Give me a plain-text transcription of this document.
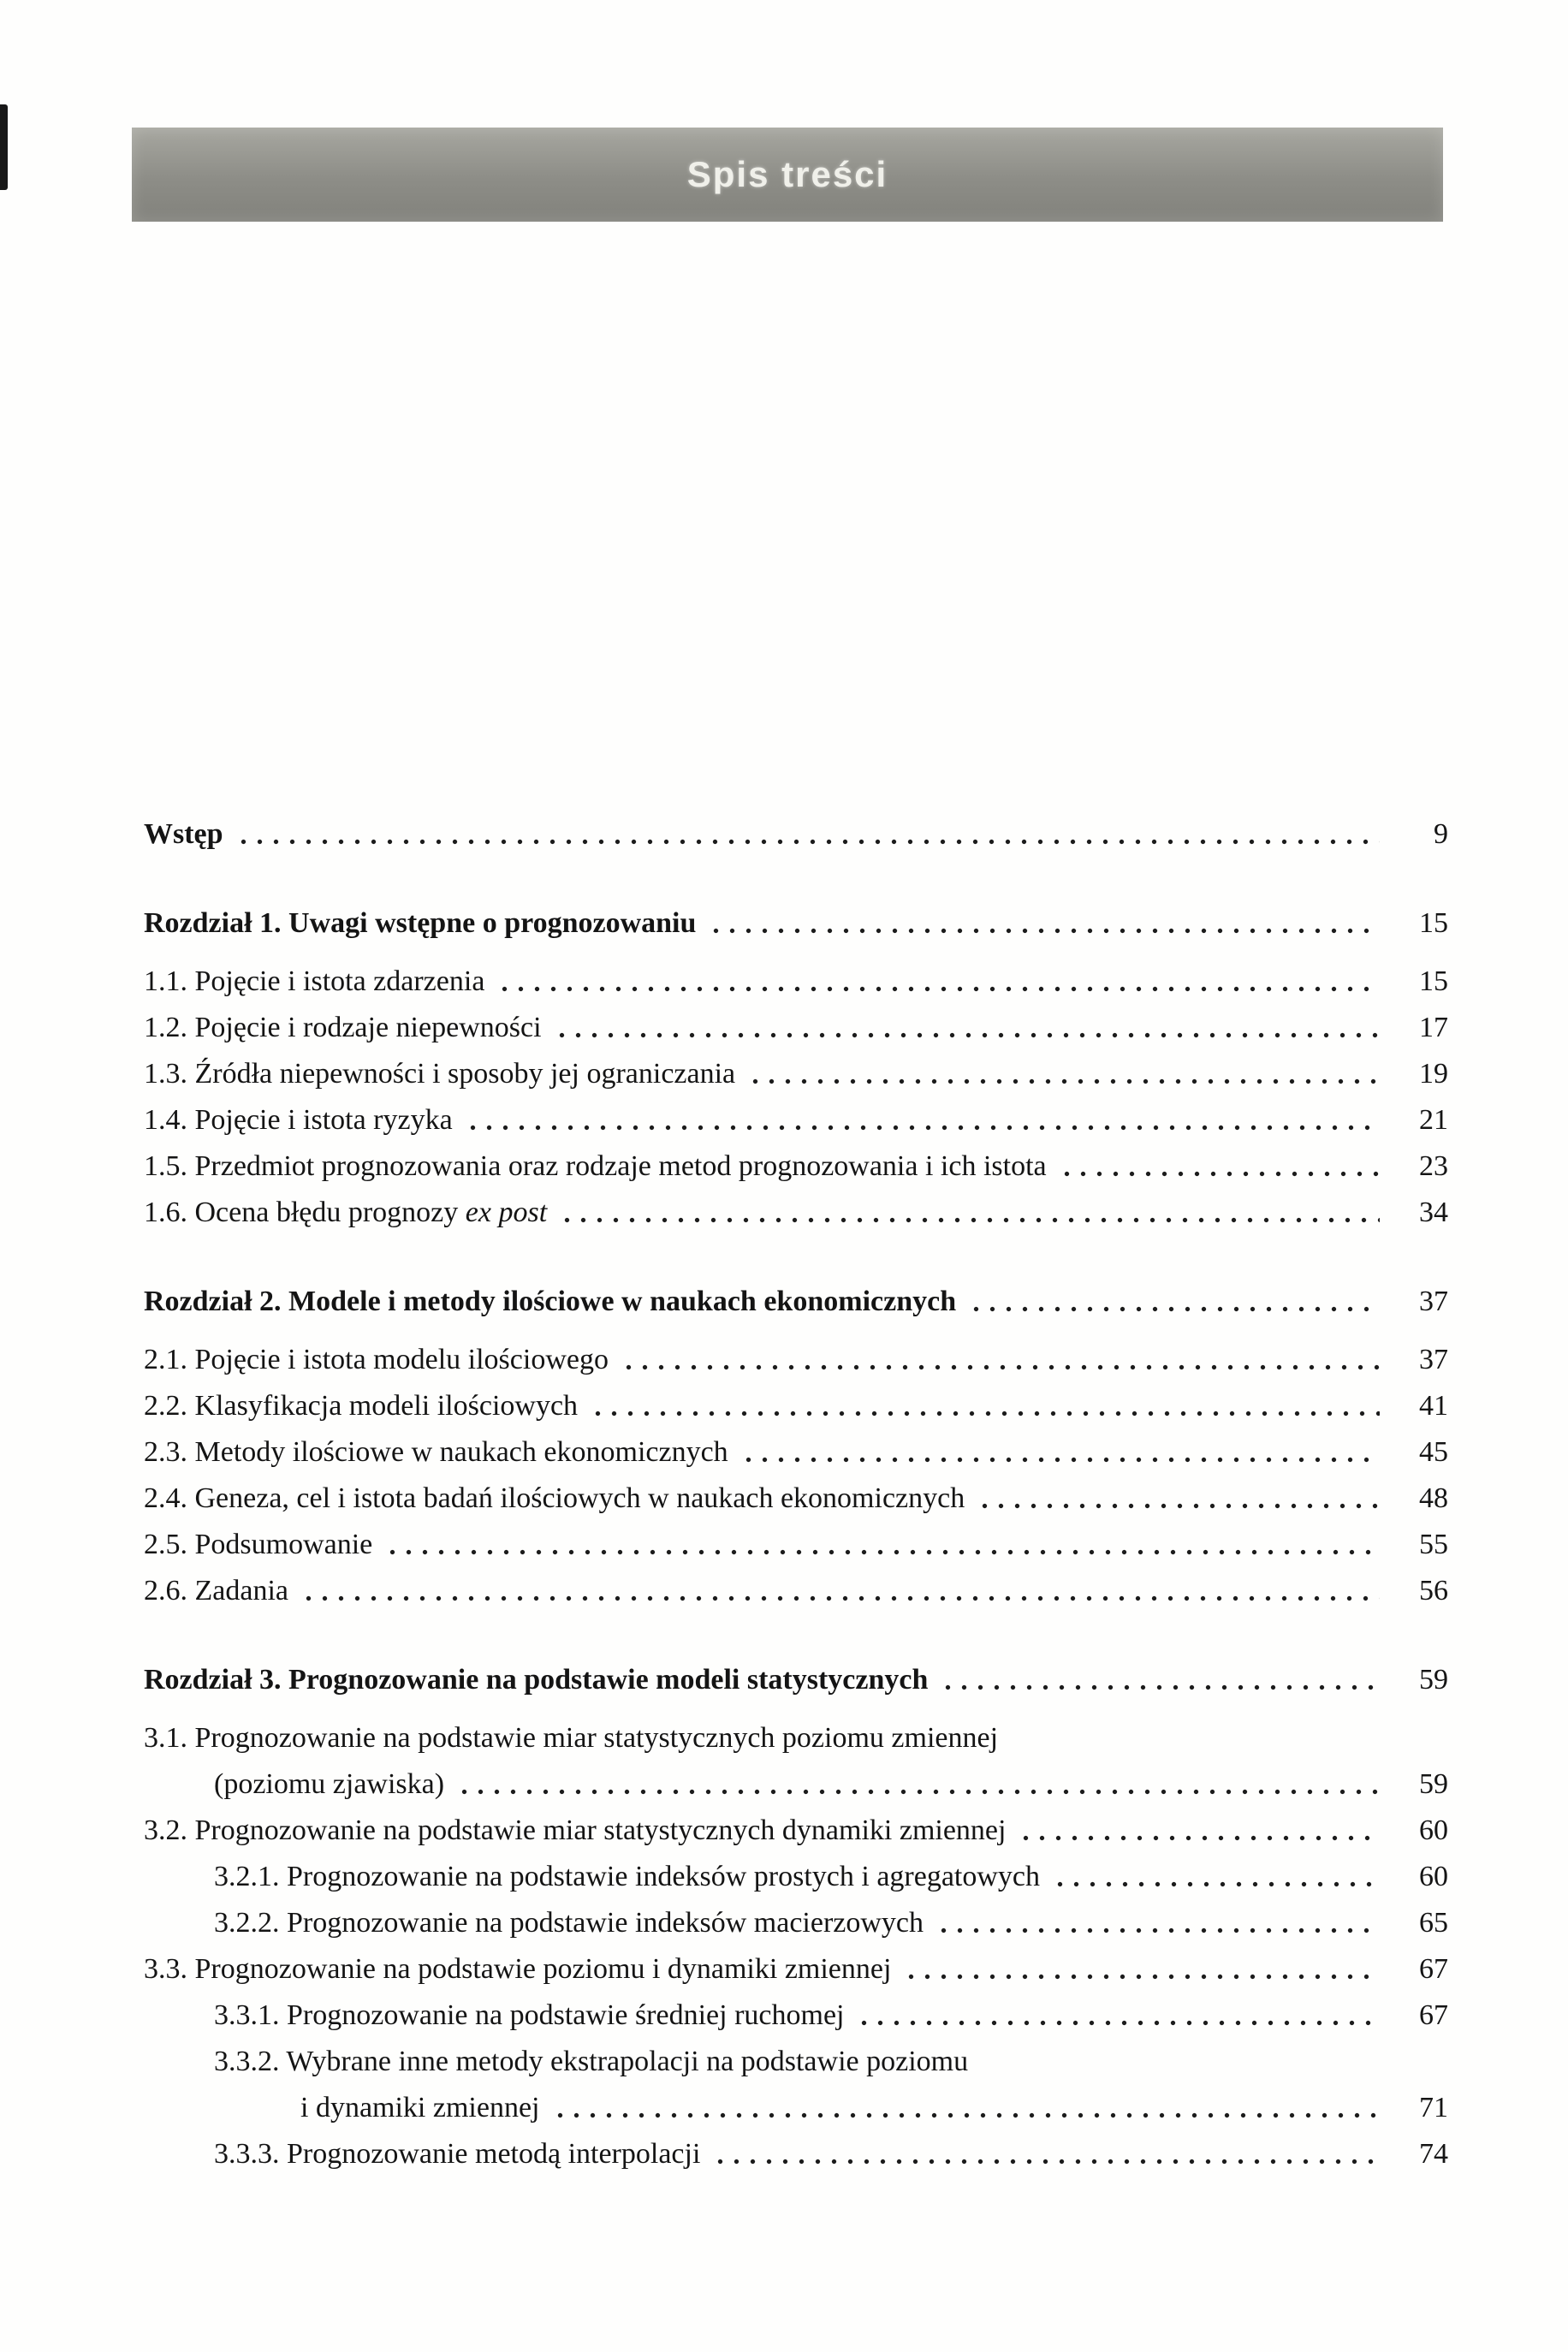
Spis treści
Wstęp	9
Rozdział 1. Uwagi wstępne o prognozowaniu	15
1.1. Pojęcie i istota zdarzenia	15
1.2. Pojęcie i rodzaje niepewności	17
1.3. Źródła niepewności i sposoby jej ograniczania	19
1.4. Pojęcie i istota ryzyka	21
1.5. Przedmiot prognozowania oraz rodzaje metod prognozowania i ich istota	23
1.6. Ocena błędu prognozy ex post	34
Rozdział 2. Modele i metody ilościowe w naukach ekonomicznych	37
2.1. Pojęcie i istota modelu ilościowego	37
2.2. Klasyfikacja modeli ilościowych	41
2.3. Metody ilościowe w naukach ekonomicznych	45
2.4. Geneza, cel i istota badań ilościowych w naukach ekonomicznych	48
2.5. Podsumowanie	55
2.6. Zadania	56
Rozdział 3. Prognozowanie na podstawie modeli statystycznych	59
3.1. Prognozowanie na podstawie miar statystycznych poziomu zmiennej
(poziomu zjawiska)	59
3.2. Prognozowanie na podstawie miar statystycznych dynamiki zmiennej	60
3.2.1. Prognozowanie na podstawie indeksów prostych i agregatowych	60
3.2.2. Prognozowanie na podstawie indeksów macierzowych	65
3.3. Prognozowanie na podstawie poziomu i dynamiki zmiennej	67
3.3.1. Prognozowanie na podstawie średniej ruchomej	67
3.3.2. Wybrane inne metody ekstrapolacji na podstawie poziomu
i dynamiki zmiennej	71
3.3.3. Prognozowanie metodą interpolacji	74
